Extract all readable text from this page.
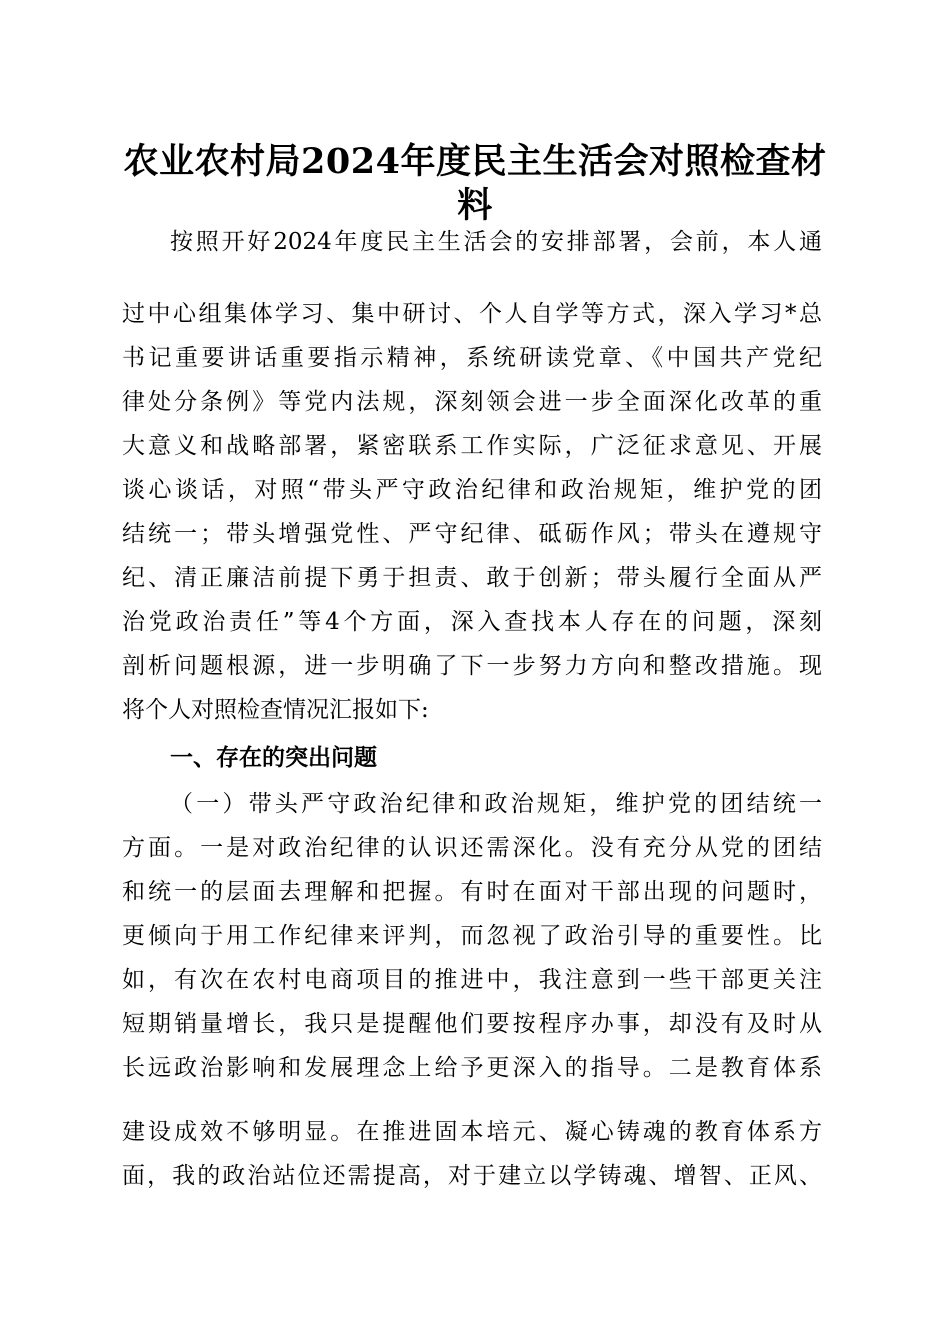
农业农村局2024年度民主生活会对照检查材
料

按照开好2024年度民主生活会的安排部署，会前，本人通

过中心组集体学习、集中研讨、个人自学等方式，深入学习*总

书记重要讲话重要指示精神，系统研读党章、《中国共产党纪

律处分条例》等党内法规，深刻领会进一步全面深化改革的重

大意义和战略部署，紧密联系工作实际，广泛征求意见、开展

谈心谈话，对照“带头严守政治纪律和政治规矩，维护党的团

结统一；带头增强党性、严守纪律、砥砺作风；带头在遵规守

纪、清正廉洁前提下勇于担责、敢于创新；带头履行全面从严

治党政治责任”等4个方面，深入查找本人存在的问题，深刻

剖析问题根源，进一步明确了下一步努力方向和整改措施。现

将个人对照检查情况汇报如下:

一、存在的突出问题

（一）带头严守政治纪律和政治规矩，维护党的团结统一

方面。一是对政治纪律的认识还需深化。没有充分从党的团结

和统一的层面去理解和把握。有时在面对干部出现的问题时，

更倾向于用工作纪律来评判，而忽视了政治引导的重要性。比

如，有次在农村电商项目的推进中，我注意到一些干部更关注

短期销量增长，我只是提醒他们要按程序办事，却没有及时从

长远政治影响和发展理念上给予更深入的指导。二是教育体系

建设成效不够明显。在推进固本培元、凝心铸魂的教育体系方

面，我的政治站位还需提高，对于建立以学铸魂、增智、正风、
